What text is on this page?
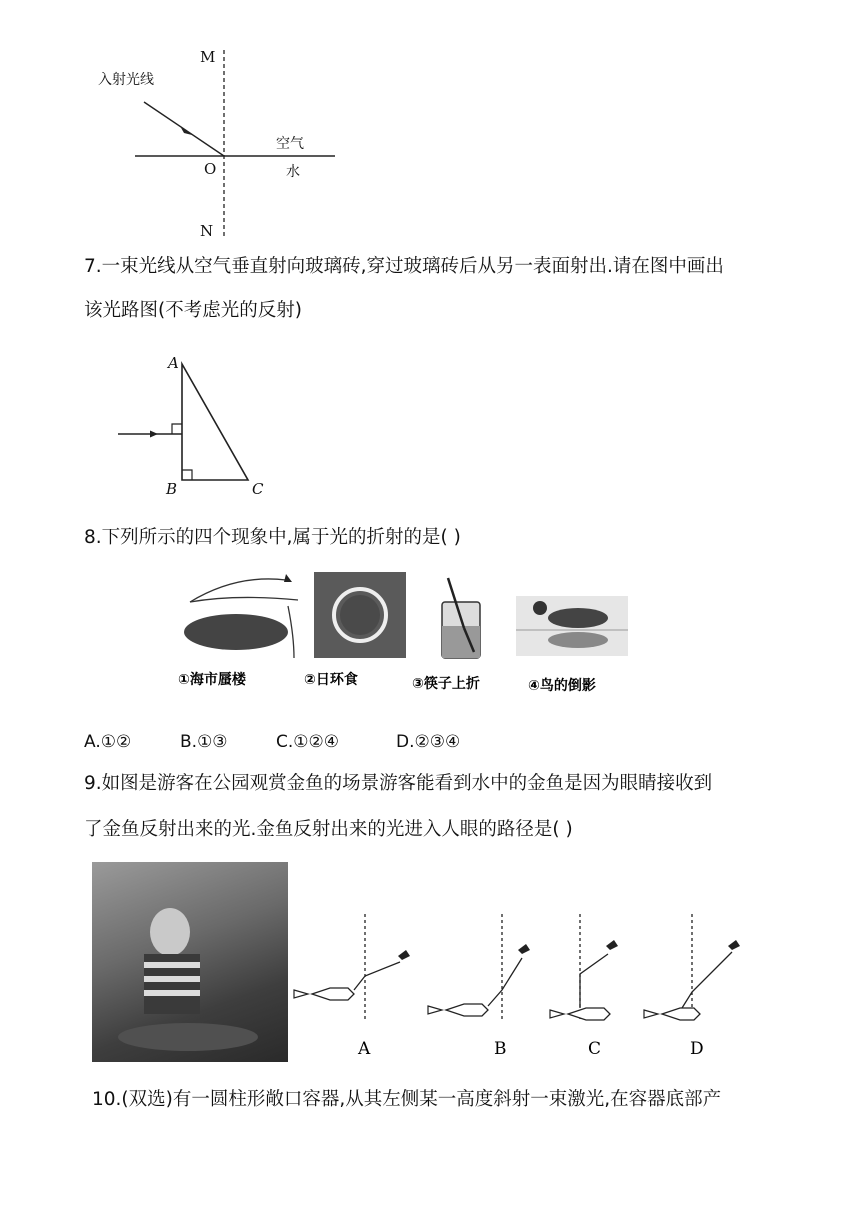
M
N
O
入射光线
空气
水
7.一束光线从空气垂直射向玻璃砖,穿过玻璃砖后从另一表面射出.请在图中画出
该光路图(不考虑光的反射)
A
B	C
8.下列所示的四个现象中,属于光的折射的是( )
①海市蜃楼	②日环食	③筷子上折	④鸟的倒影
A.①②	B.①③	C.①②④	D.②③④
9.如图是游客在公园观赏金鱼的场景游客能看到水中的金鱼是因为眼睛接收到
了金鱼反射出来的光.金鱼反射出来的光进入人眼的路径是( )
A	B	C	D
10.(双选)有一圆柱形敞口容器,从其左侧某一高度斜射一束激光,在容器底部产
